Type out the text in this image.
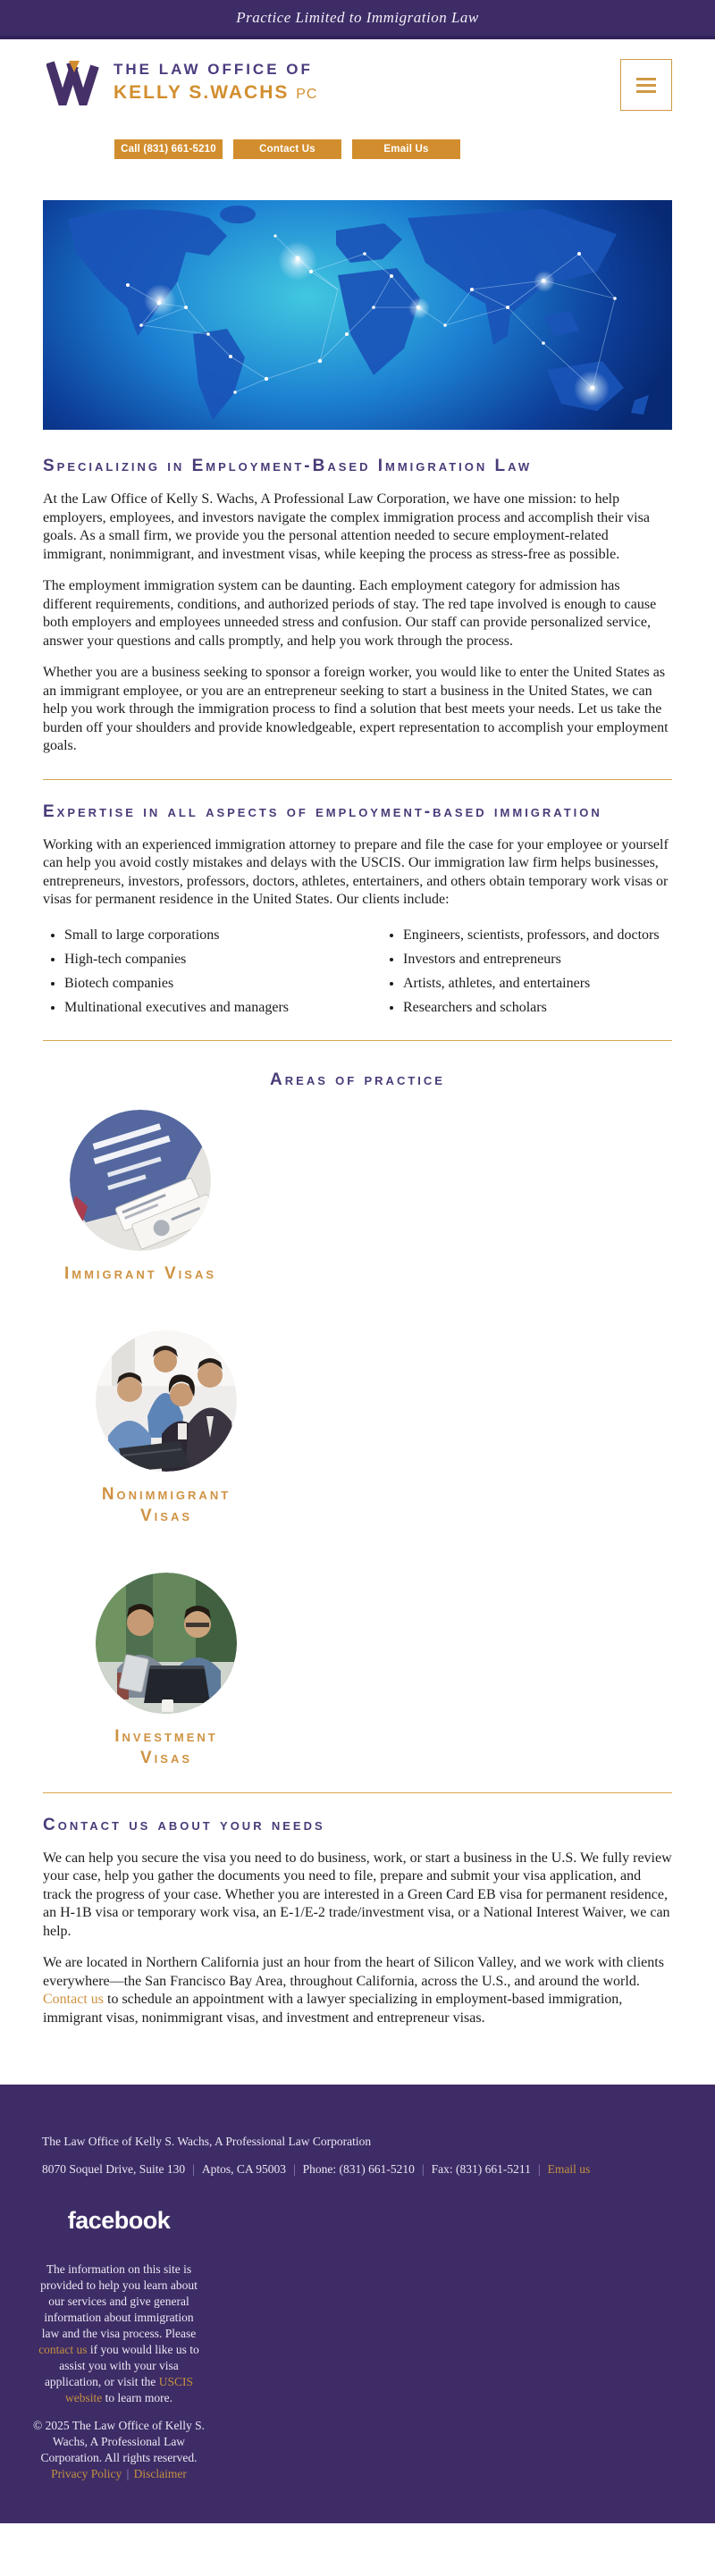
Practice Limited to Immigration Law
THE LAW OFFICE OF
KELLY S.WACHS PC
Call (831) 661-5210	Contact Us	Email Us
Specializing in Employment-Based Immigration Law

At the Law Office of Kelly S. Wachs, A Professional Law Corporation, we have one mission: to help employers, employees, and investors navigate the complex immigration process and accomplish their visa goals. As a small firm, we provide you the personal attention needed to secure employment-related immigrant, nonimmigrant, and investment visas, while keeping the process as stress-free as possible.

The employment immigration system can be daunting. Each employment category for admission has different requirements, conditions, and authorized periods of stay. The red tape involved is enough to cause both employers and employees unneeded stress and confusion. Our staff can provide personalized service, answer your questions and calls promptly, and help you work through the process.

Whether you are a business seeking to sponsor a foreign worker, you would like to enter the United States as an immigrant employee, or you are an entrepreneur seeking to start a business in the United States, we can help you work through the immigration process to find a solution that best meets your needs. Let us take the burden off your shoulders and provide knowledgeable, expert representation to accomplish your employment goals.

Expertise in all aspects of employment-based immigration

Working with an experienced immigration attorney to prepare and file the case for your employee or yourself can help you avoid costly mistakes and delays with the USCIS. Our immigration law firm helps businesses, entrepreneurs, investors, professors, doctors, athletes, entertainers, and others obtain temporary work visas or visas for permanent residence in the United States. Our clients include:

• Small to large corporations
• High-tech companies
• Biotech companies
• Multinational executives and managers
• Engineers, scientists, professors, and doctors
• Investors and entrepreneurs
• Artists, athletes, and entertainers
• Researchers and scholars
Areas of practice
Immigrant Visas
Nonimmigrant Visas
Investment Visas
Contact us about your needs

We can help you secure the visa you need to do business, work, or start a business in the U.S. We fully review your case, help you gather the documents you need to file, prepare and submit your visa application, and track the progress of your case. Whether you are interested in a Green Card EB visa for permanent residence, an H-1B visa or temporary work visa, an E-1/E-2 trade/investment visa, or a National Interest Waiver, we can help.

We are located in Northern California just an hour from the heart of Silicon Valley, and we work with clients everywhere—the San Francisco Bay Area, throughout California, across the U.S., and around the world. Contact us to schedule an appointment with a lawyer specializing in employment-based immigration, immigrant visas, nonimmigrant visas, and investment and entrepreneur visas.

The Law Office of Kelly S. Wachs, A Professional Law Corporation
8070 Soquel Drive, Suite 130 | Aptos, CA 95003 | Phone: (831) 661-5210 | Fax: (831) 661-5211 | Email us
facebook
The information on this site is provided to help you learn about our services and give general information about immigration law and the visa process. Please contact us if you would like us to assist you with your visa application, or visit the USCIS website to learn more.
© 2025 The Law Office of Kelly S. Wachs, A Professional Law Corporation. All rights reserved.
Privacy Policy | Disclaimer
